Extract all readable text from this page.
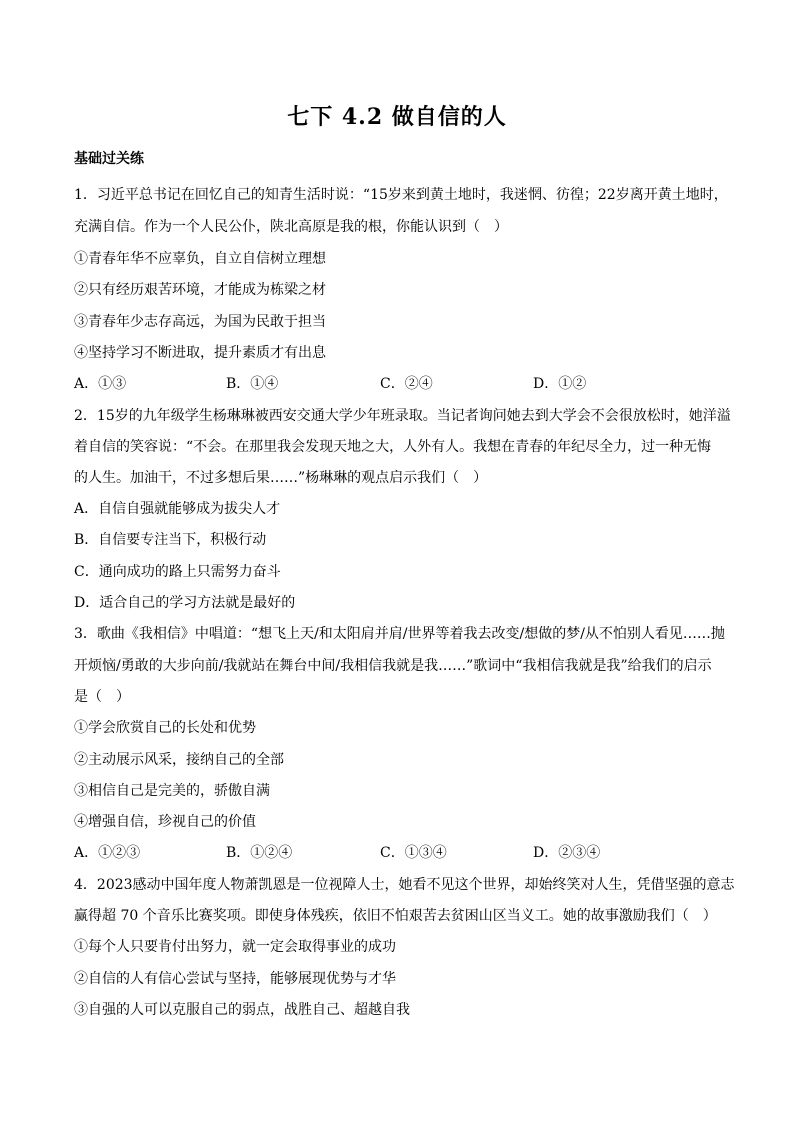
七下 4.2 做自信的人
基础过关练
1．习近平总书记在回忆自己的知青生活时说：“15岁来到黄土地时，我迷惘、彷徨；22岁离开黄土地时，
充满自信。作为一个人民公仆，陕北高原是我的根，你能认识到（　）
①青春年华不应辜负，自立自信树立理想
②只有经历艰苦环境，才能成为栋梁之材
③青春年少志存高远，为国为民敢于担当
④坚持学习不断进取，提升素质才有出息
A．①③	B．①④	C．②④	D．①②
2．15岁的九年级学生杨琳琳被西安交通大学少年班录取。当记者询问她去到大学会不会很放松时，她洋溢
着自信的笑容说：“不会。在那里我会发现天地之大，人外有人。我想在青春的年纪尽全力，过一种无悔
的人生。加油干，不过多想后果……”杨琳琳的观点启示我们（　）
A．自信自强就能够成为拔尖人才
B．自信要专注当下，积极行动
C．通向成功的路上只需努力奋斗
D．适合自己的学习方法就是最好的
3．歌曲《我相信》中唱道：“想飞上天/和太阳肩并肩/世界等着我去改变/想做的梦/从不怕别人看见……抛
开烦恼/勇敢的大步向前/我就站在舞台中间/我相信我就是我……”歌词中“我相信我就是我”给我们的启示
是（　）
①学会欣赏自己的长处和优势
②主动展示风采，接纳自己的全部
③相信自己是完美的，骄傲自满
④增强自信，珍视自己的价值
A．①②③	B．①②④	C．①③④	D．②③④
4．2023感动中国年度人物萧凯恩是一位视障人士，她看不见这个世界，却始终笑对人生，凭借坚强的意志
赢得超 70 个音乐比赛奖项。即使身体残疾，依旧不怕艰苦去贫困山区当义工。她的故事激励我们（　）
①每个人只要肯付出努力，就一定会取得事业的成功
②自信的人有信心尝试与坚持，能够展现优势与才华
③自强的人可以克服自己的弱点，战胜自己、超越自我
